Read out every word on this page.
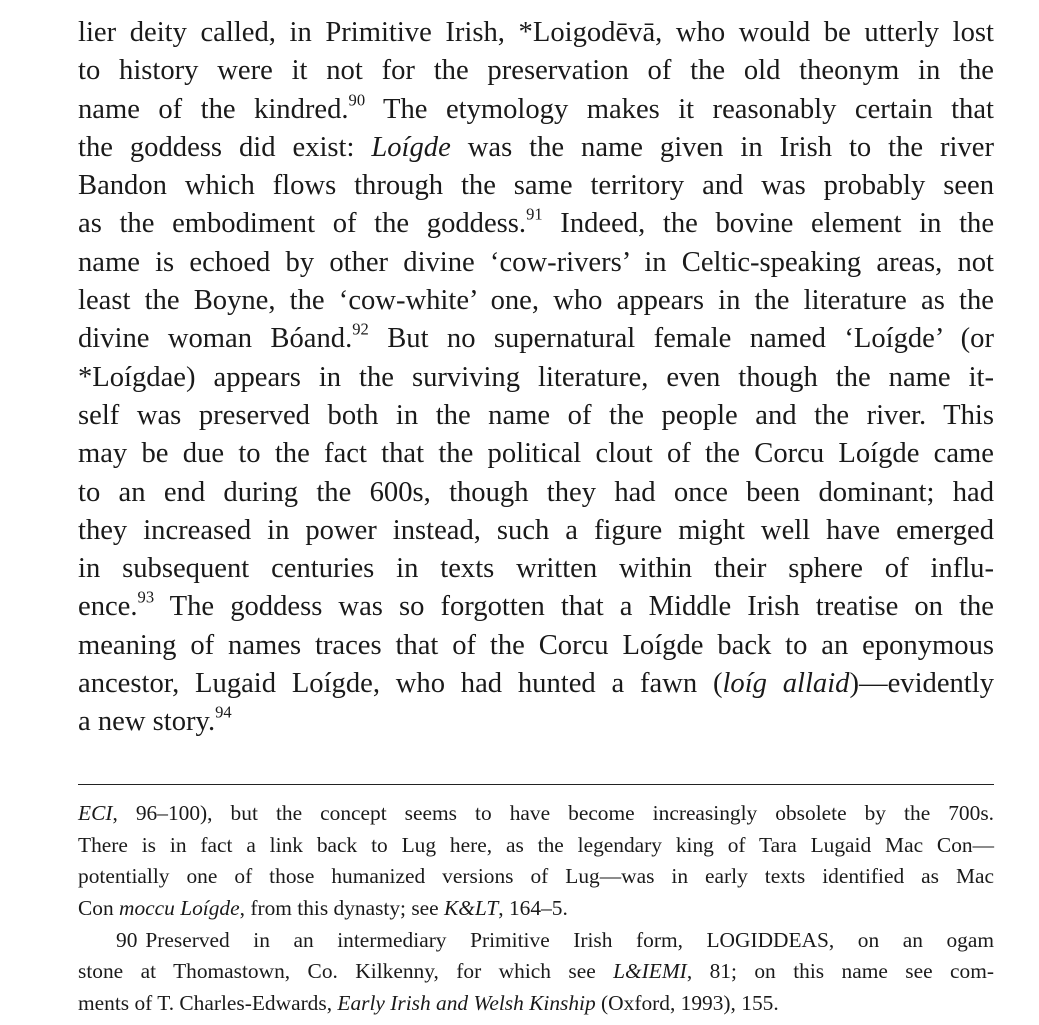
lier deity called, in Primitive Irish, *Loigodēvā, who would be utterly lost
to history were it not for the preservation of the old theonym in the
name of the kindred.$^{90}$ The etymology makes it reasonably certain that
the goddess did exist: Loígde was the name given in Irish to the river
Bandon which flows through the same territory and was probably seen
as the embodiment of the goddess.$^{91}$ Indeed, the bovine element in the
name is echoed by other divine ‘cow-rivers’ in Celtic-speaking areas, not
least the Boyne, the ‘cow-white’ one, who appears in the literature as the
divine woman Bóand.$^{92}$ But no supernatural female named ‘Loígde’ (or
*Loígdae) appears in the surviving literature, even though the name it-
self was preserved both in the name of the people and the river. This
may be due to the fact that the political clout of the Corcu Loígde came
to an end during the 600s, though they had once been dominant; had
they increased in power instead, such a figure might well have emerged
in subsequent centuries in texts written within their sphere of influ-
ence.$^{93}$ The goddess was so forgotten that a Middle Irish treatise on the
meaning of names traces that of the Corcu Loígde back to an eponymous
ancestor, Lugaid Loígde, who had hunted a fawn (loíg allaid)—evidently
a new story.$^{94}$
ECI, 96–100), but the concept seems to have become increasingly obsolete by the 700s.
There is in fact a link back to Lug here, as the legendary king of Tara Lugaid Mac Con—
potentially one of those humanized versions of Lug—was in early texts identified as Mac
Con moccu Loígde, from this dynasty; see K&LT, 164–5.
90 Preserved in an intermediary Primitive Irish form, LOGIDDEAS, on an ogam
stone at Thomastown, Co. Kilkenny, for which see L&IEMI, 81; on this name see com-
ments of T. Charles-Edwards, Early Irish and Welsh Kinship (Oxford, 1993), 155.
